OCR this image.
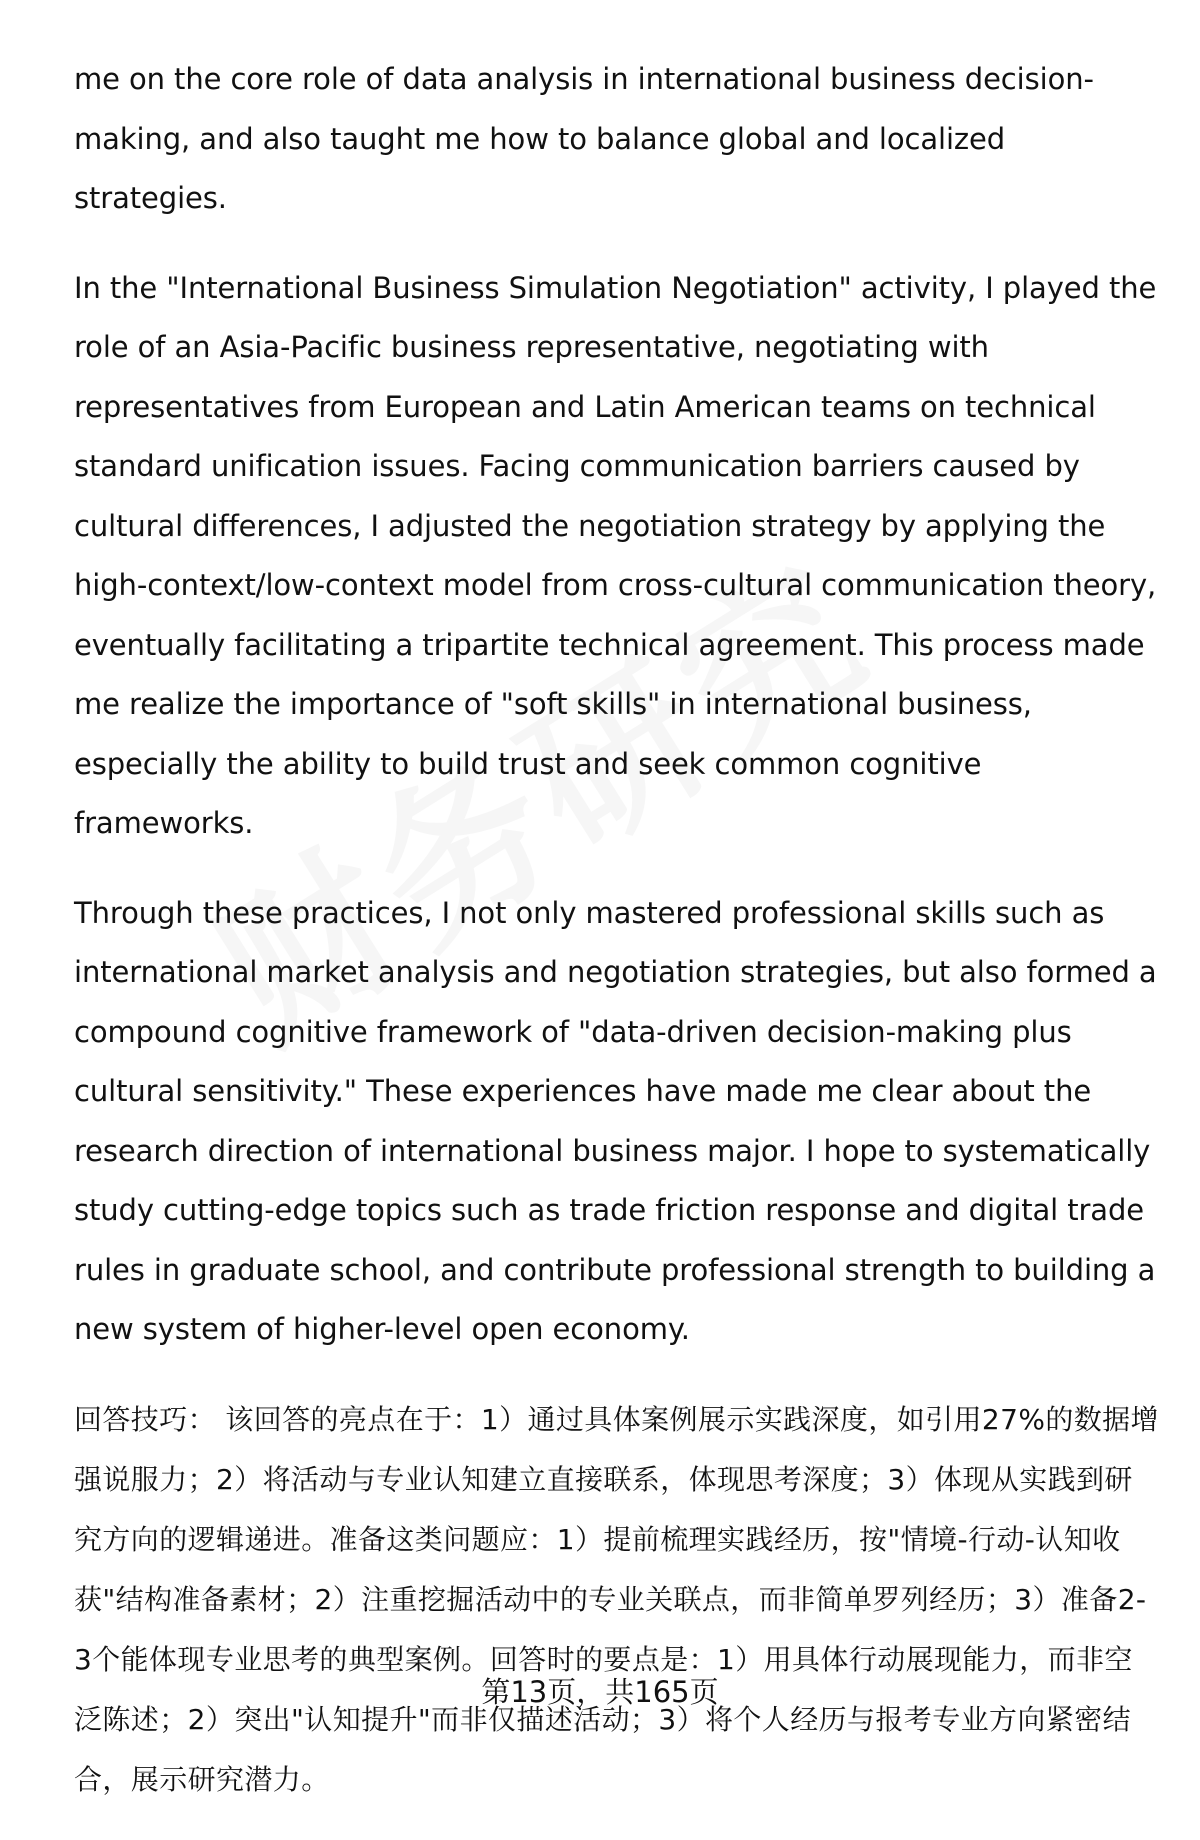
me on the core role of data analysis in international business decision-making, and also taught me how to balance global and localized strategies.

In the "International Business Simulation Negotiation" activity, I played the role of an Asia-Pacific business representative, negotiating with representatives from European and Latin American teams on technical standard unification issues. Facing communication barriers caused by cultural differences, I adjusted the negotiation strategy by applying the high-context/low-context model from cross-cultural communication theory, eventually facilitating a tripartite technical agreement. This process made me realize the importance of "soft skills" in international business, especially the ability to build trust and seek common cognitive frameworks.

Through these practices, I not only mastered professional skills such as international market analysis and negotiation strategies, but also formed a compound cognitive framework of "data-driven decision-making plus cultural sensitivity." These experiences have made me clear about the research direction of international business major. I hope to systematically study cutting-edge topics such as trade friction response and digital trade rules in graduate school, and contribute professional strength to building a new system of higher-level open economy.

回答技巧： 该回答的亮点在于：1）通过具体案例展示实践深度，如引用27%的数据增强说服力；2）将活动与专业认知建立直接联系，体现思考深度；3）体现从实践到研究方向的逻辑递进。准备这类问题应：1）提前梳理实践经历，按"情境-行动-认知收获"结构准备素材；2）注重挖掘活动中的专业关联点，而非简单罗列经历；3）准备2-3个能体现专业思考的典型案例。回答时的要点是：1）用具体行动展现能力，而非空泛陈述；2）突出"认知提升"而非仅描述活动；3）将个人经历与报考专业方向紧密结合，展示研究潜力。

第13页，共165页
